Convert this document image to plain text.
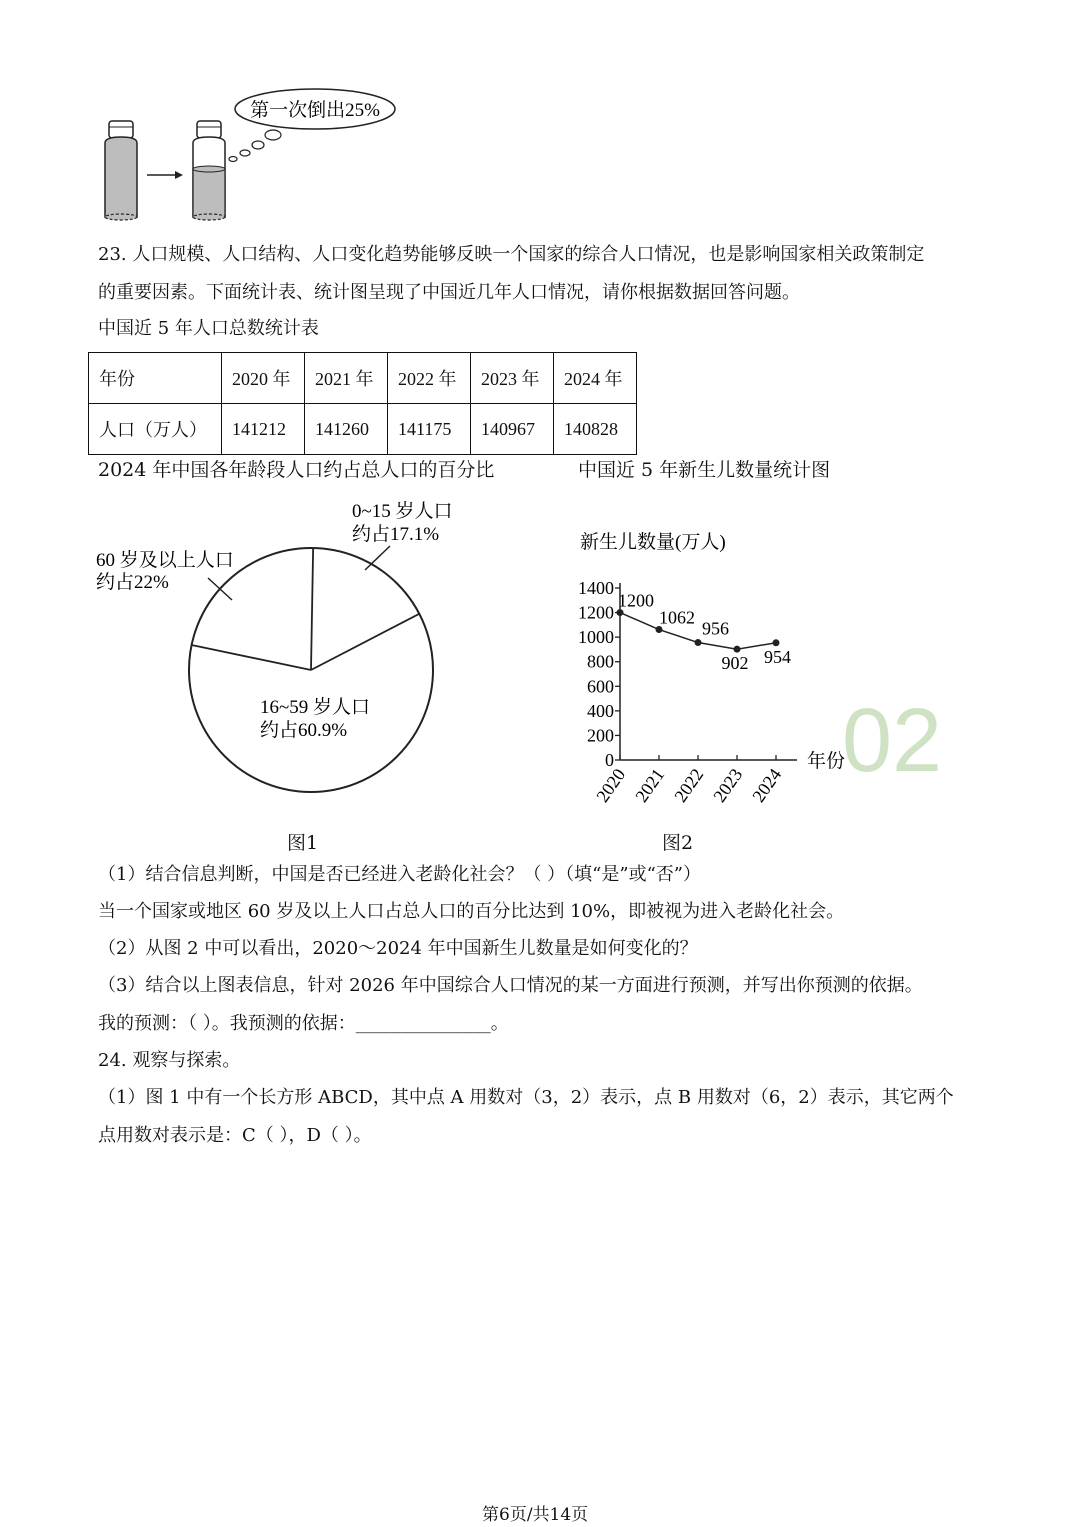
第一次倒出25%
23. 人口规模、人口结构、人口变化趋势能够反映一个国家的综合人口情况，也是影响国家相关政策制定
的重要因素。下面统计表、统计图呈现了中国近几年人口情况，请你根据数据回答问题。
中国近 5 年人口总数统计表
年份	2020 年	2021 年	2022 年	2023 年	2024 年
人口（万人）	141212	141260	141175	140967	140828
2024 年中国各年龄段人口约占总人口的百分比	中国近 5 年新生儿数量统计图
0~15 岁人口约占17.1%
60 岁及以上人口约占22%
16~59 岁人口约占60.9%
新生儿数量(万人)
年份
0
200
400
600
800
1000
1200
1400
2020 2021 2022 2023 2024
1200
1062
956
902 954
02
图1	图2
（1）结合信息判断，中国是否已经进入老龄化社会？（ ）（填“是”或“否”）
当一个国家或地区 60 岁及以上人口占总人口的百分比达到 10%，即被视为进入老龄化社会。
（2）从图 2 中可以看出，2020～2024 年中国新生儿数量是如何变化的？
（3）结合以上图表信息，针对 2026 年中国综合人口情况的某一方面进行预测，并写出你预测的依据。
我的预测：（ ）。我预测的依据：_______________。
24. 观察与探索。
（1）图 1 中有一个长方形 ABCD，其中点 A 用数对（3，2）表示，点 B 用数对（6，2）表示，其它两个
点用数对表示是：C（ ），D（ ）。
第6页/共14页
